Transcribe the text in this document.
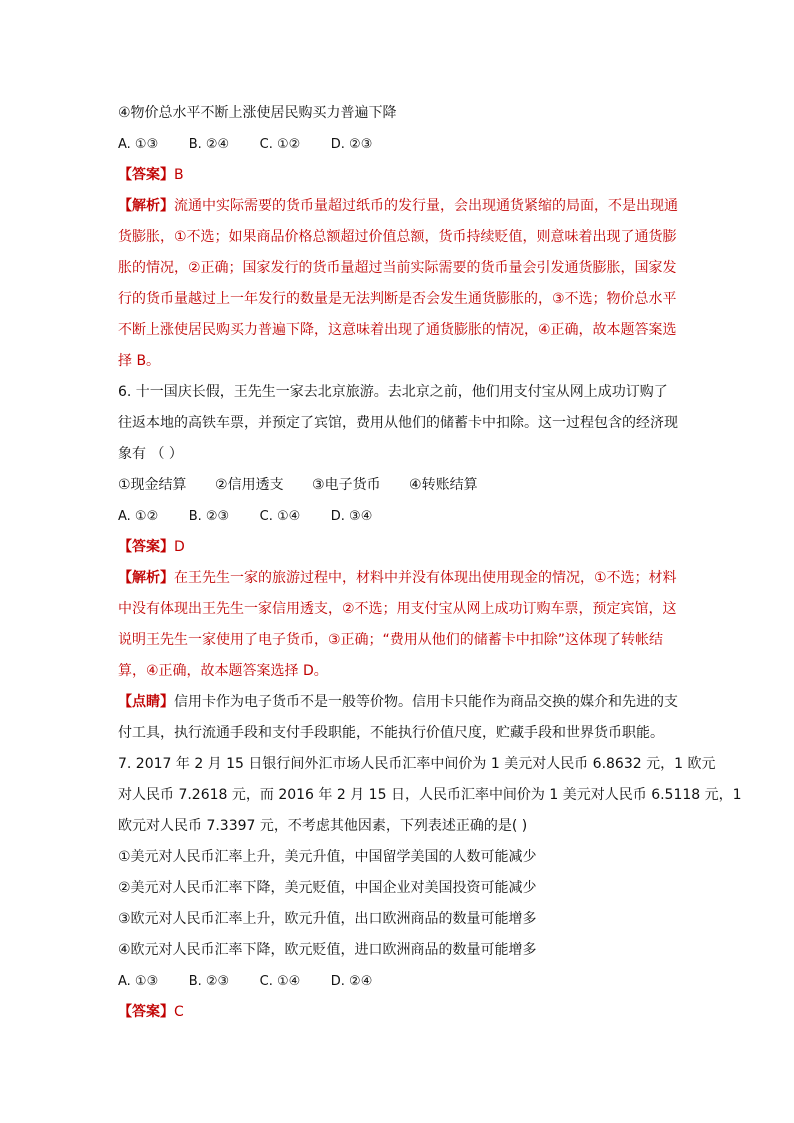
④物价总水平不断上涨使居民购买力普遍下降
A. ①③ B. ②④ C. ①② D. ②③
【答案】B
【解析】流通中实际需要的货币量超过纸币的发行量，会出现通货紧缩的局面，不是出现通
货膨胀，①不选；如果商品价格总额超过价值总额，货币持续贬值，则意味着出现了通货膨
胀的情况，②正确；国家发行的货币量超过当前实际需要的货币量会引发通货膨胀，国家发
行的货币量越过上一年发行的数量是无法判断是否会发生通货膨胀的，③不选；物价总水平
不断上涨使居民购买力普遍下降，这意味着出现了通货膨胀的情况，④正确，故本题答案选
择 B。
6. 十一国庆长假，王先生一家去北京旅游。去北京之前，他们用支付宝从网上成功订购了
往返本地的高铁车票，并预定了宾馆，费用从他们的储蓄卡中扣除。这一过程包含的经济现
象有 （ ）
①现金结算 ②信用透支 ③电子货币 ④转账结算
A. ①② B. ②③ C. ①④ D. ③④
【答案】D
【解析】在王先生一家的旅游过程中，材料中并没有体现出使用现金的情况，①不选；材料
中没有体现出王先生一家信用透支，②不选；用支付宝从网上成功订购车票，预定宾馆，这
说明王先生一家使用了电子货币，③正确；“费用从他们的储蓄卡中扣除”这体现了转帐结
算，④正确，故本题答案选择 D。
【点睛】信用卡作为电子货币不是一般等价物。信用卡只能作为商品交换的媒介和先进的支
付工具，执行流通手段和支付手段职能，不能执行价值尺度，贮藏手段和世界货币职能。
7. 2017 年 2 月 15 日银行间外汇市场人民币汇率中间价为 1 美元对人民币 6.8632 元，1 欧元
对人民币 7.2618 元，而 2016 年 2 月 15 日，人民币汇率中间价为 1 美元对人民币 6.5118 元，1
欧元对人民币 7.3397 元，不考虑其他因素，下列表述正确的是( )
①美元对人民币汇率上升，美元升值，中国留学美国的人数可能减少
②美元对人民币汇率下降，美元贬值，中国企业对美国投资可能减少
③欧元对人民币汇率上升，欧元升值，出口欧洲商品的数量可能增多
④欧元对人民币汇率下降，欧元贬值，进口欧洲商品的数量可能增多
A. ①③ B. ②③ C. ①④ D. ②④
【答案】C
